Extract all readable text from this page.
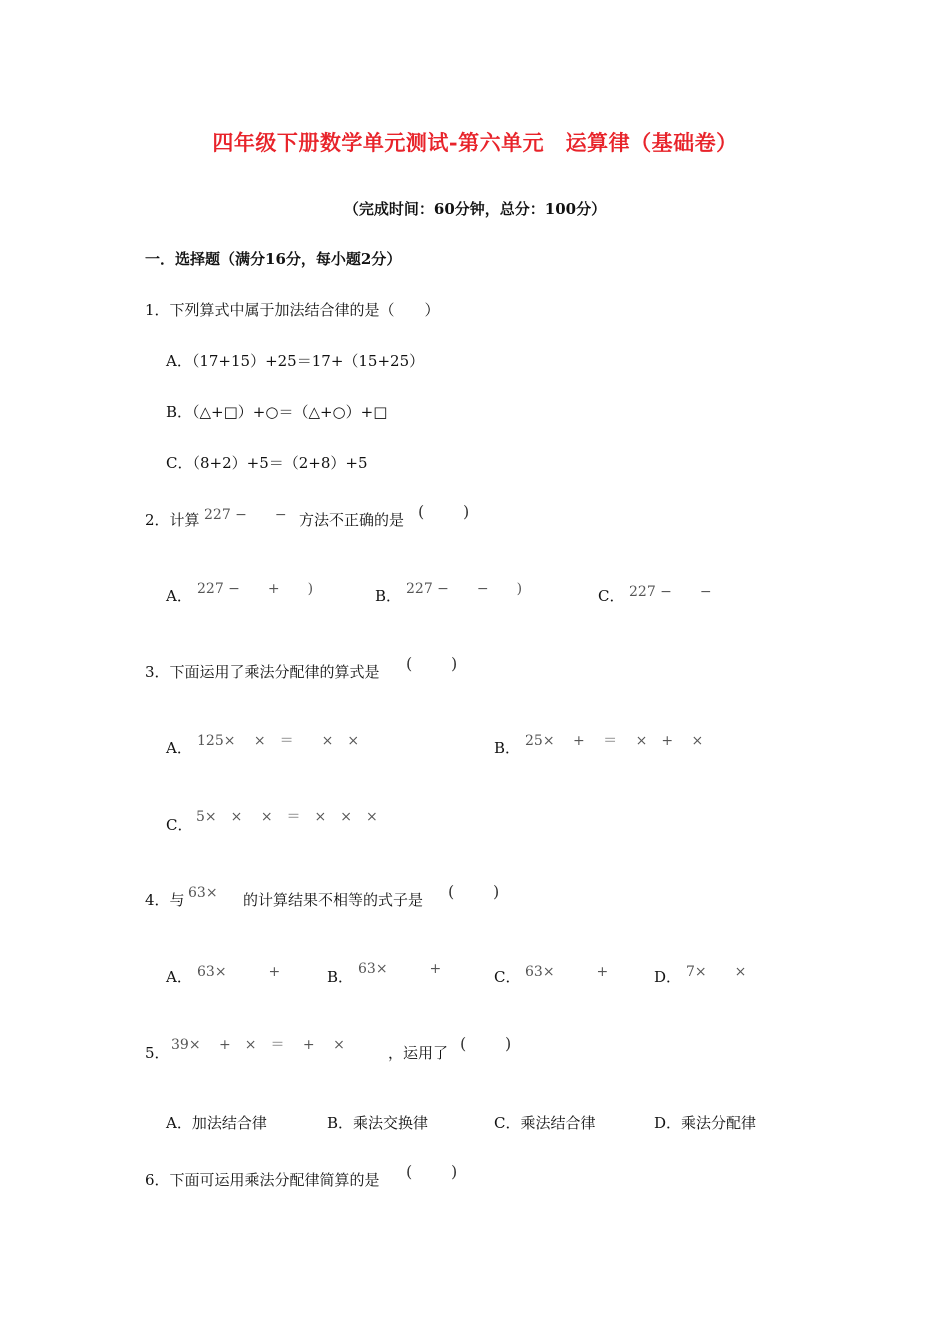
四年级下册数学单元测试-第六单元　运算律（基础卷）
（完成时间：60分钟，总分：100分）
一．选择题（满分16分，每小题2分）
1．下列算式中属于加法结合律的是（　　）
A．（17+15）+25＝17+（15+25）
B．（△+□）+○＝（△+○）+□
C．（8+2）+5＝（2+8）+5
2．计算 227 −　　− 方法不正确的是 ( )
A． 227 −　　+　　)	B． 227 −　　−　　)	C． 227 −　　−
3．下面运用了乘法分配律的算式是 ( )
A． 125×　 ×　＝　　×　×	B． 25×　 +　 ＝　 ×　+　 ×
C． 5×　×　 ×　＝　×　×　×
4．与 63× 的计算结果不相等的式子是 ( )
A． 63×　　　+	B． 63×　　　+	C． 63×　　　+	D． 7×　　×
5． 39×　 +　×　＝　 +　 ×	，运用了 ( )
A．加法结合律	B．乘法交换律	C．乘法结合律	D．乘法分配律
6．下面可运用乘法分配律简算的是 ( )
